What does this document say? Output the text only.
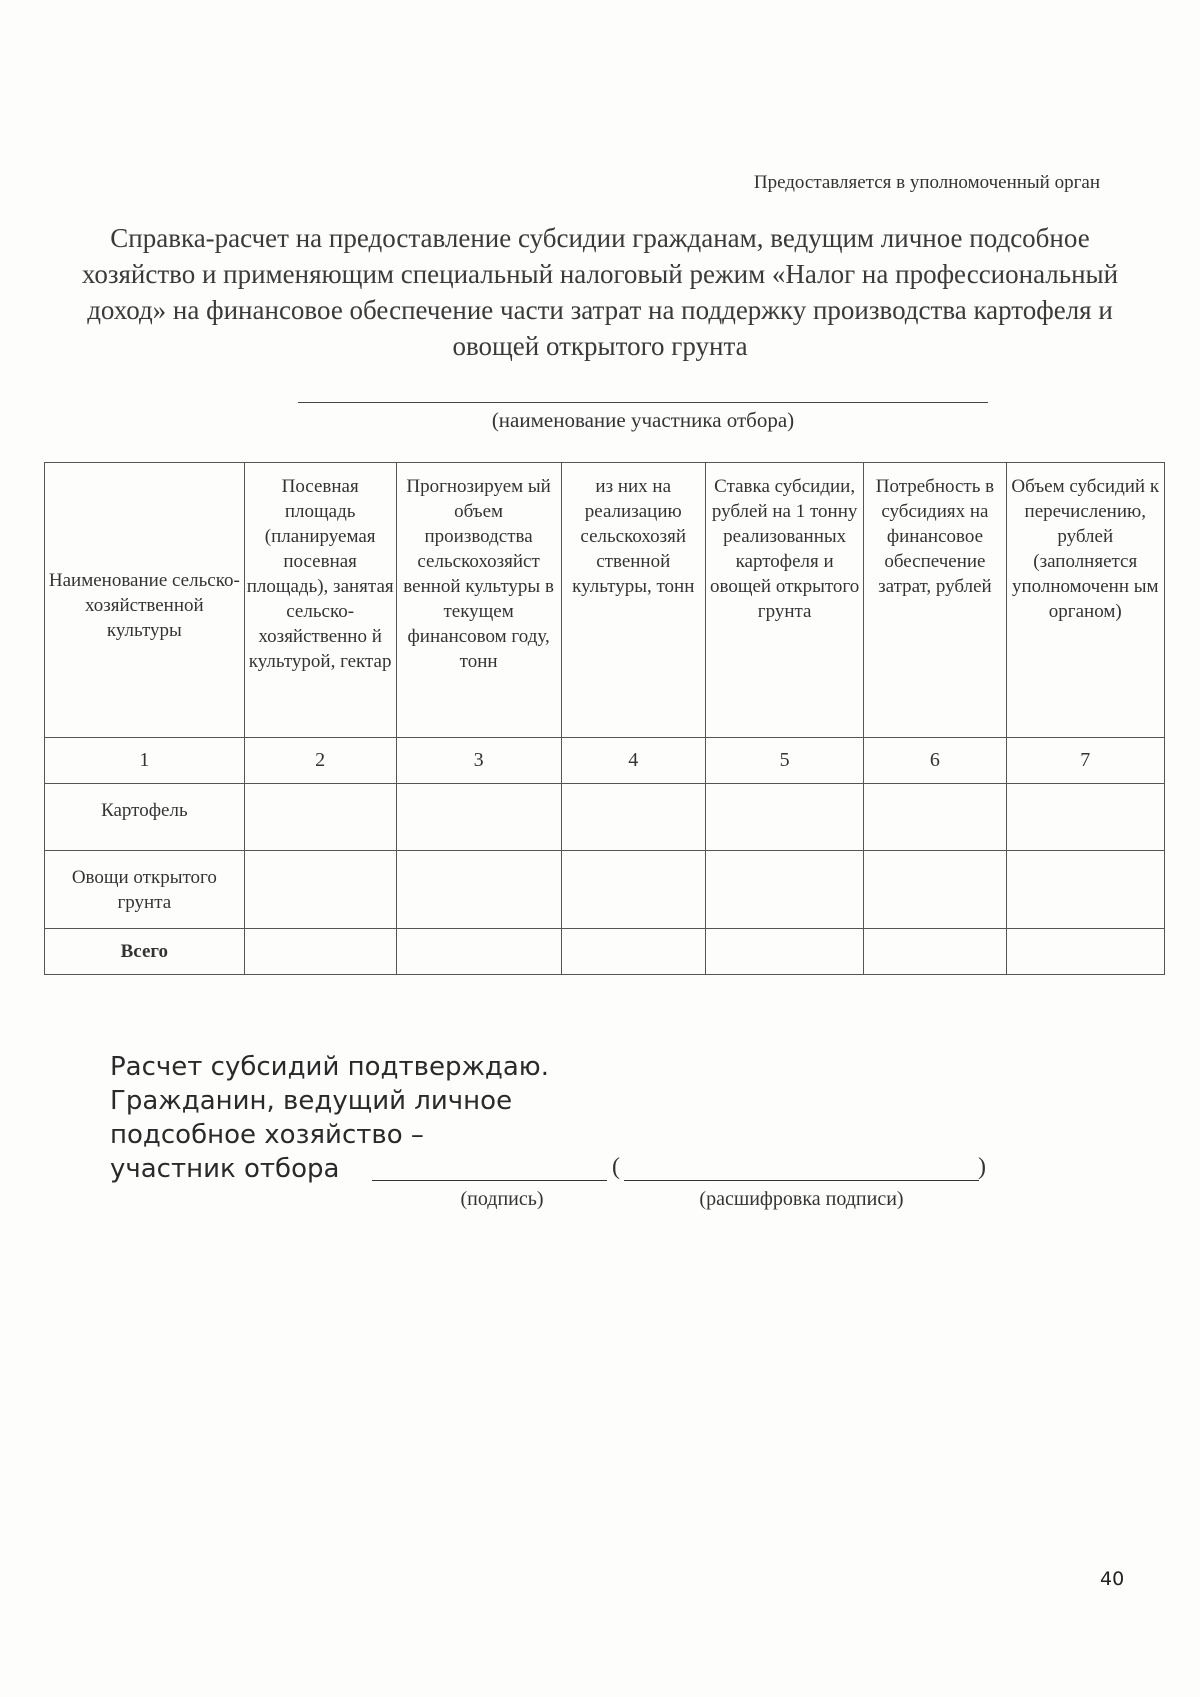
Предоставляется в уполномоченный орган
Справка-расчет на предоставление субсидии гражданам, ведущим личное подсобное хозяйство и применяющим специальный налоговый режим «Налог на профессиональный доход» на финансовое обеспечение части затрат на поддержку производства картофеля и овощей открытого грунта
(наименование участника отбора)
Наименование сельско-хозяйственной культуры	Посевная площадь (планируемая посевная площадь), занятая сельско-хозяйственно й культурой, гектар	Прогнозируем ый объем производства сельскохозяйст венной культуры в текущем финансовом году, тонн	из них на реализацию сельскохозяй ственной культуры, тонн	Ставка субсидии, рублей на 1 тонну реализованных картофеля и овощей открытого грунта	Потребность в субсидиях на финансовое обеспечение затрат, рублей	Объем субсидий к перечислению, рублей (заполняется уполномоченн ым органом)
1	2	3	4	5	6	7
Картофель						
Овощи открытого грунта						
Всего						
Расчет субсидий подтверждаю.
Гражданин, ведущий личное
подсобное хозяйство –
участник отбора	(	)
(подпись)	(расшифровка подписи)
40
